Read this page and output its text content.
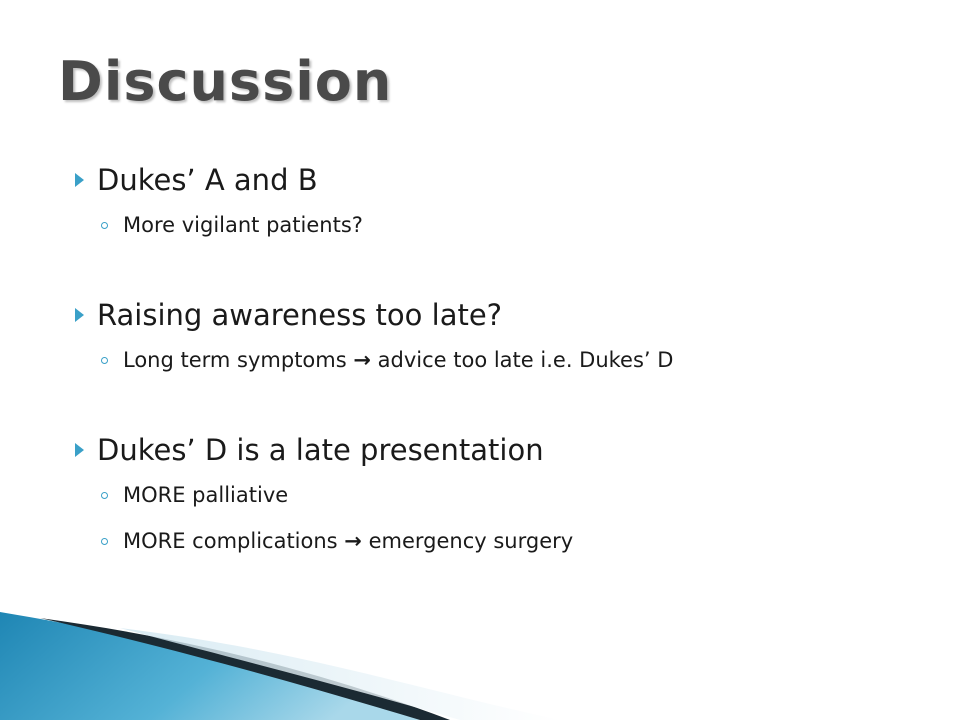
Discussion
Dukes’ A and B
More vigilant patients?
Raising awareness too late?
Long term symptoms → advice too late i.e. Dukes’ D
Dukes’ D is a late presentation
MORE palliative
MORE complications → emergency surgery
